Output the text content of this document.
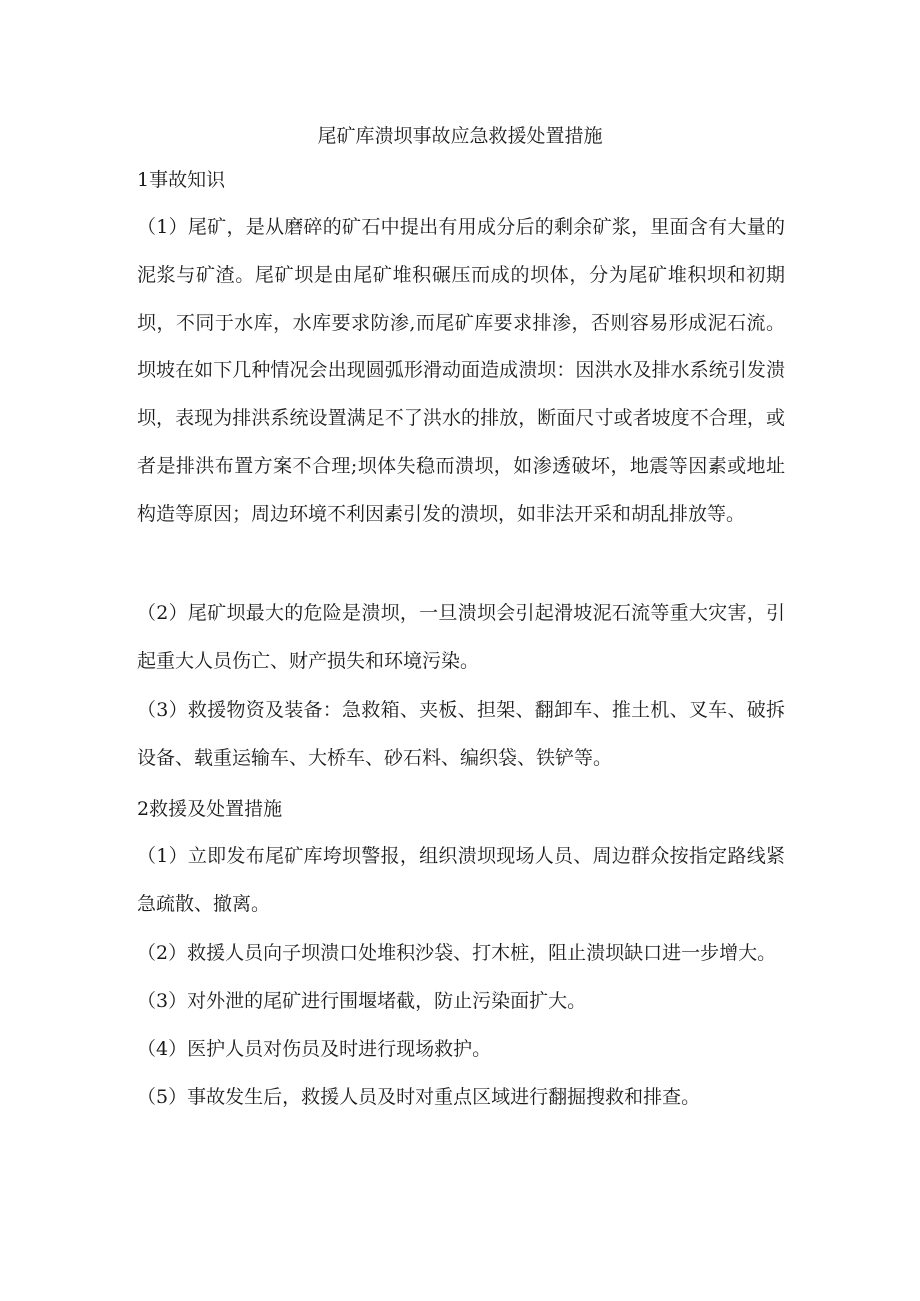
尾矿库溃坝事故应急救援处置措施
1事故知识

（1）尾矿，是从磨碎的矿石中提出有用成分后的剩余矿浆，里面含有大量的泥浆与矿渣。尾矿坝是由尾矿堆积碾压而成的坝体，分为尾矿堆积坝和初期坝，不同于水库，水库要求防渗,而尾矿库要求排渗，否则容易形成泥石流。坝坡在如下几种情况会出现圆弧形滑动面造成溃坝：因洪水及排水系统引发溃坝，表现为排洪系统设置满足不了洪水的排放，断面尺寸或者坡度不合理，或者是排洪布置方案不合理;坝体失稳而溃坝，如渗透破坏，地震等因素或地址构造等原因；周边环境不利因素引发的溃坝，如非法开采和胡乱排放等。

（2）尾矿坝最大的危险是溃坝，一旦溃坝会引起滑坡泥石流等重大灾害，引起重大人员伤亡、财产损失和环境污染。

（3）救援物资及装备：急救箱、夹板、担架、翻卸车、推土机、叉车、破拆设备、载重运输车、大桥车、砂石料、编织袋、铁铲等。

2救援及处置措施

（1）立即发布尾矿库垮坝警报，组织溃坝现场人员、周边群众按指定路线紧急疏散、撤离。

（2）救援人员向子坝溃口处堆积沙袋、打木桩，阻止溃坝缺口进一步增大。

（3）对外泄的尾矿进行围堰堵截，防止污染面扩大。

（4）医护人员对伤员及时进行现场救护。

（5）事故发生后，救援人员及时对重点区域进行翻掘搜救和排查。
